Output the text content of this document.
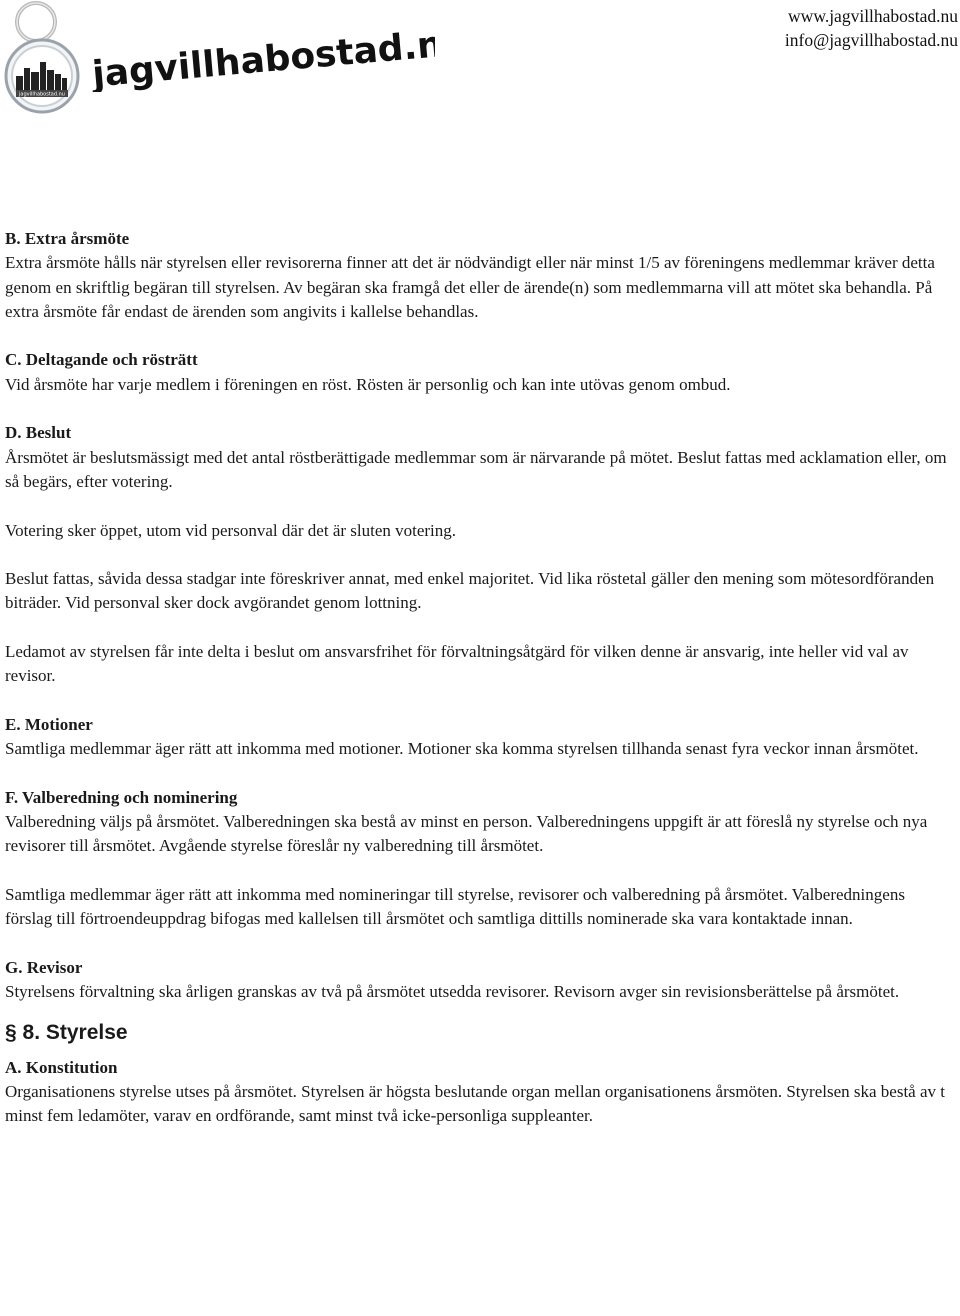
jagvillhabostad.nu jagvillhabostad.nu
www.jagvillhabostad.nu
info@jagvillhabostad.nu

B. Extra årsmöte

Extra årsmöte hålls när styrelsen eller revisorerna finner att det är nödvändigt eller när minst 1/5 av föreningens medlemmar kräver detta genom en skriftlig begäran till styrelsen. Av begäran ska framgå det eller de ärende(n) som medlemmarna vill att mötet ska behandla. På extra årsmöte får endast de ärenden som angivits i kallelse behandlas.

C. Deltagande och rösträtt

Vid årsmöte har varje medlem i föreningen en röst. Rösten är personlig och kan inte utövas genom ombud.

D. Beslut

Årsmötet är beslutsmässigt med det antal röstberättigade medlemmar som är närvarande på mötet. Beslut fattas med acklamation eller, om så begärs, efter votering.

Votering sker öppet, utom vid personval där det är sluten votering.

Beslut fattas, såvida dessa stadgar inte föreskriver annat, med enkel majoritet. Vid lika röstetal gäller den mening som mötesordföranden biträder. Vid personval sker dock avgörandet genom lottning.

Ledamot av styrelsen får inte delta i beslut om ansvarsfrihet för förvaltningsåtgärd för vilken denne är ansvarig, inte heller vid val av revisor.

E. Motioner

Samtliga medlemmar äger rätt att inkomma med motioner. Motioner ska komma styrelsen tillhanda senast fyra veckor innan årsmötet.

F. Valberedning och nominering

Valberedning väljs på årsmötet. Valberedningen ska bestå av minst en person. Valberedningens uppgift är att föreslå ny styrelse och nya revisorer till årsmötet. Avgående styrelse föreslår ny valberedning till årsmötet.

Samtliga medlemmar äger rätt att inkomma med nomineringar till styrelse, revisorer och valberedning på årsmötet. Valberedningens förslag till förtroendeuppdrag bifogas med kallelsen till årsmötet och samtliga dittills nominerade ska vara kontaktade innan.

G. Revisor

Styrelsens förvaltning ska årligen granskas av två på årsmötet utsedda revisorer. Revisorn avger sin revisionsberättelse på årsmötet.

§ 8. Styrelse

A. Konstitution

Organisationens styrelse utses på årsmötet. Styrelsen är högsta beslutande organ mellan organisationens årsmöten. Styrelsen ska bestå av t minst fem ledamöter, varav en ordförande, samt minst två icke-personliga suppleanter.
